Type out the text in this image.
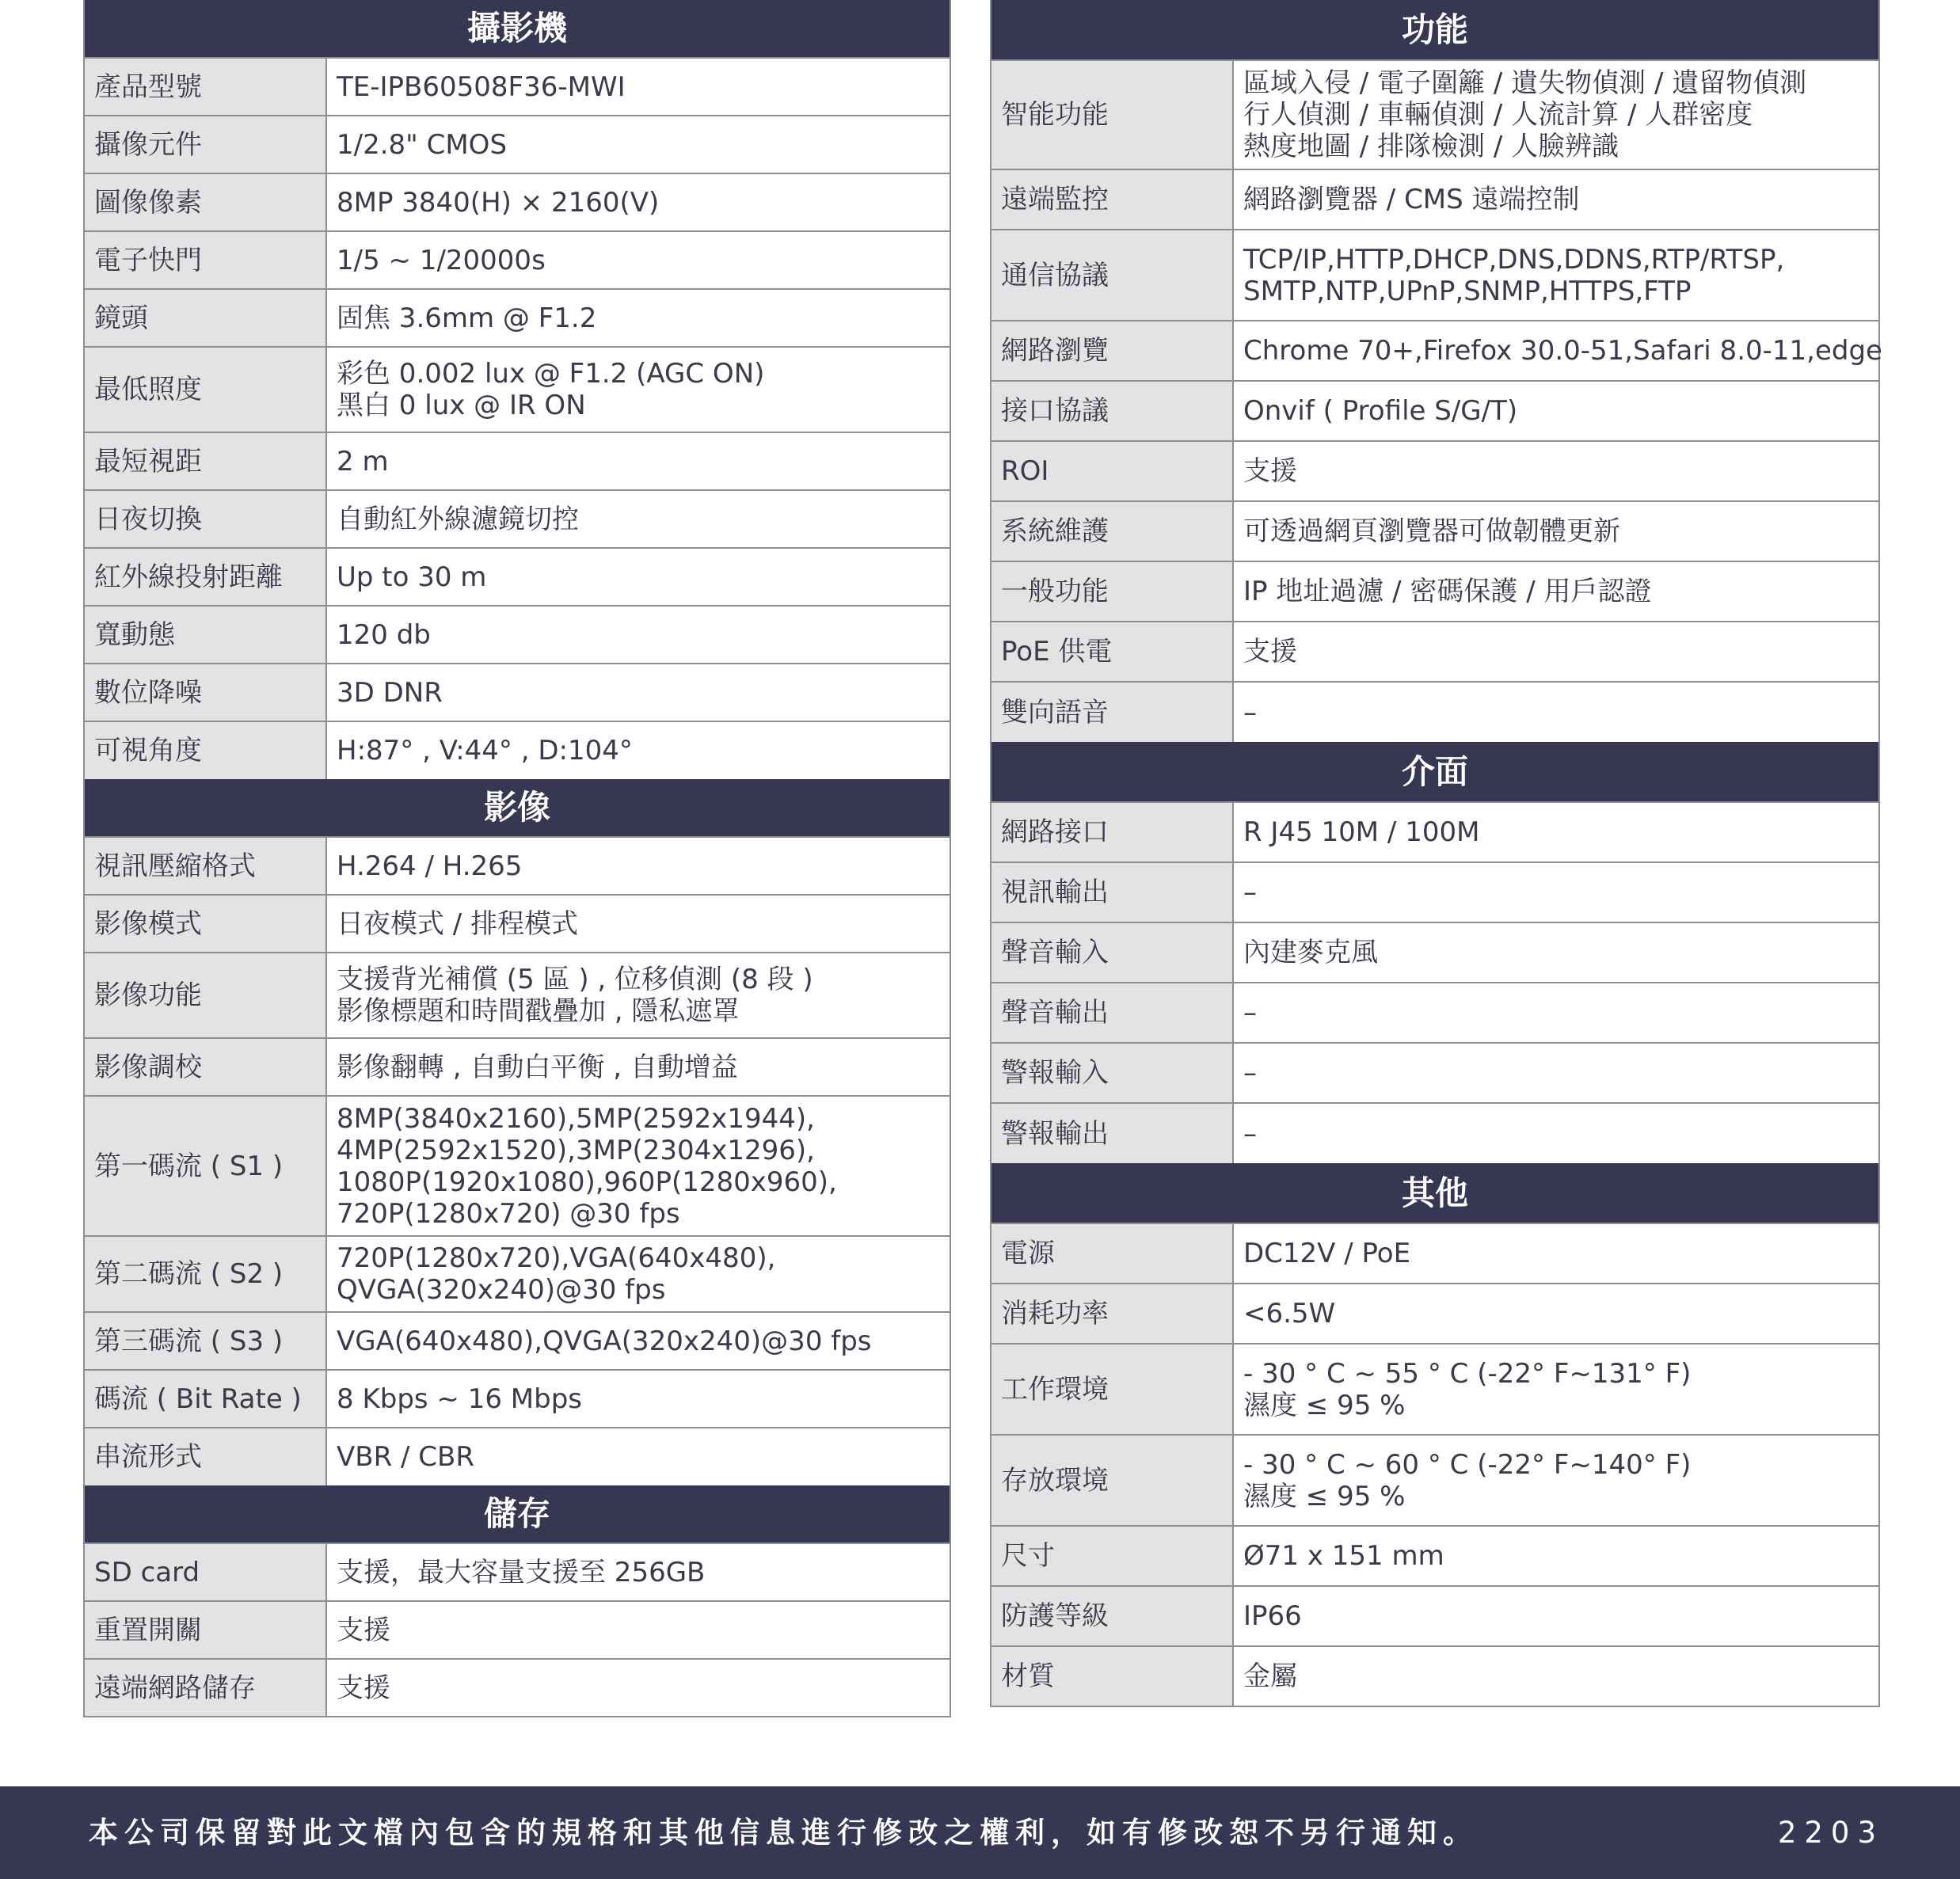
攝影機	
產品型號	TE-IPB60508F36-MWI

攝像元件	1/2.8" CMOS

圖像像素	8MP 3840(H) × 2160(V)

電子快門	1/5 ~ 1/20000s

鏡頭	固焦 3.6mm @ F1.2

最低照度	彩色 0.002 lux @ F1.2 (AGC ON)
黑白 0 lux @ IR ON

最短視距	2 m

日夜切換	自動紅外線濾鏡切控

紅外線投射距離	Up to 30 m

寬動態	120 db

數位降噪	3D DNR

可視角度	H:87° , V:44° , D:104°

影像	
視訊壓縮格式	H.264 / H.265

影像模式	日夜模式 / 排程模式

影像功能	支援背光補償 (5 區 ) , 位移偵測 (8 段 )
影像標題和時間戳疊加 , 隱私遮罩

影像調校	影像翻轉 , 自動白平衡 , 自動增益

第一碼流 ( S1 )	8MP(3840x2160),5MP(2592x1944),
4MP(2592x1520),3MP(2304x1296),
1080P(1920x1080),960P(1280x960),
720P(1280x720) @30 fps

第二碼流 ( S2 )	720P(1280x720),VGA(640x480),
QVGA(320x240)@30 fps

第三碼流 ( S3 )	VGA(640x480),QVGA(320x240)@30 fps

碼流 ( Bit Rate )	8 Kbps ~ 16 Mbps

串流形式	VBR / CBR

儲存	
SD card	支援，最大容量支援至 256GB

重置開關	支援

遠端網路儲存	支援
功能	
智能功能	區域入侵 / 電子圍籬 / 遺失物偵測 / 遺留物偵測
行人偵測 / 車輛偵測 / 人流計算 / 人群密度
熱度地圖 / 排隊檢測 / 人臉辨識

遠端監控	網路瀏覽器 / CMS 遠端控制

通信協議	TCP/IP,HTTP,DHCP,DNS,DDNS,RTP/RTSP,
SMTP,NTP,UPnP,SNMP,HTTPS,FTP

網路瀏覽	Chrome 70+,Firefox 30.0-51,Safari 8.0-11,edge

接口協議	Onvif ( Profile S/G/T)

ROI	支援

系統維護	可透過網頁瀏覽器可做韌體更新

一般功能	IP 地址過濾 / 密碼保護 / 用戶認證

PoE 供電	支援

雙向語音	–

介面	
網路接口	R J45 10M / 100M

視訊輸出	–

聲音輸入	內建麥克風

聲音輸出	–

警報輸入	–

警報輸出	–

其他	
電源	DC12V / PoE

消耗功率	<6.5W

工作環境	- 30 ° C ~ 55 ° C (-22° F~131° F)
濕度 ≤ 95 %

存放環境	- 30 ° C ~ 60 ° C (-22° F~140° F)
濕度 ≤ 95 %

尺寸	Ø71 x 151 mm

防護等級	IP66

材質	金屬
本公司保留對此文檔內包含的規格和其他信息進行修改之權利，如有修改恕不另行通知。	2203
